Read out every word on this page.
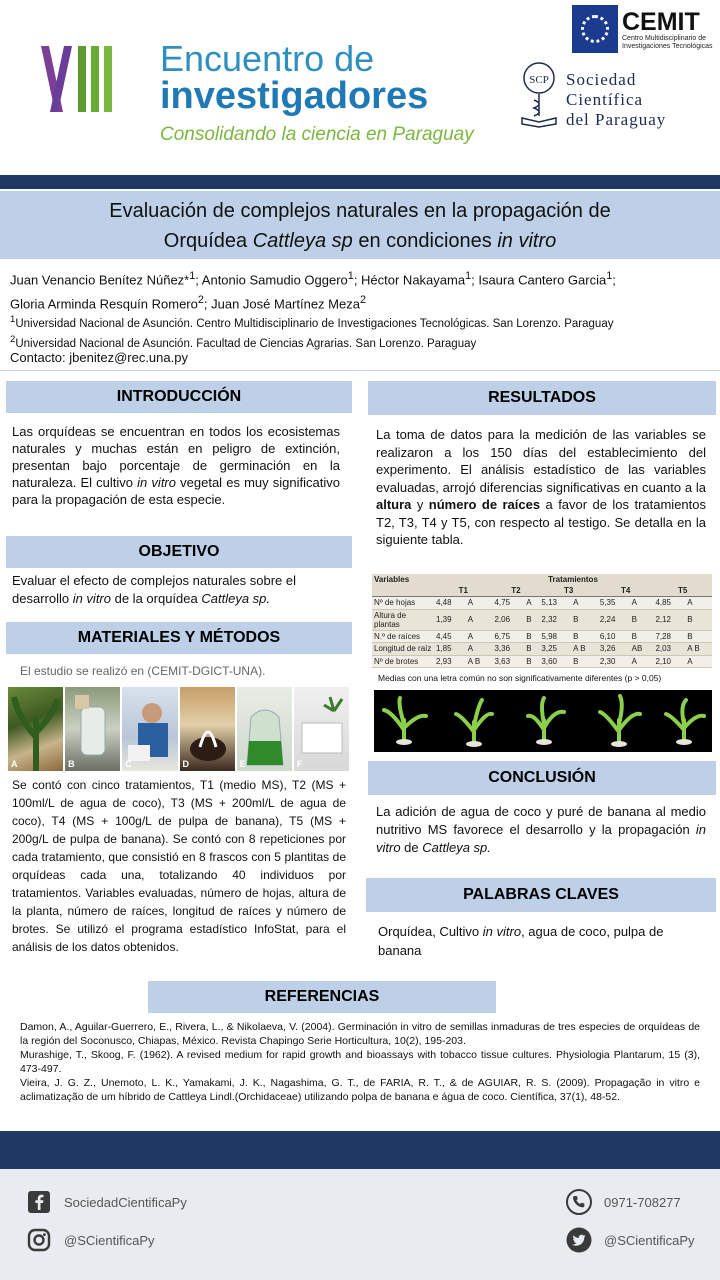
Encuentro de
investigadores
Consolidando la ciencia en Paraguay
CEMIT
Centro Multidisciplinario de Investigaciones Tecnológicas
SCP Sociedad
Científica
del Paraguay
Evaluación de complejos naturales en la propagación de
Orquídea Cattleya sp en condiciones in vitro
Juan Venancio Benítez Núñez*$^1$; Antonio Samudio Oggero$^1$; Héctor Nakayama$^1$; Isaura Cantero Garcia$^1$;
Gloria Arminda Resquín Romero$^2$; Juan José Martínez Meza$^2$
$^1$Universidad Nacional de Asunción. Centro Multidisciplinario de Investigaciones Tecnológicas. San Lorenzo. Paraguay
$^2$Universidad Nacional de Asunción. Facultad de Ciencias Agrarias. San Lorenzo. Paraguay
Contacto: jbenitez@rec.una.py
INTRODUCCIÓN
Las orquídeas se encuentran en todos los ecosistemas naturales y muchas están en peligro de extinción, presentan bajo porcentaje de germinación en la naturaleza. El cultivo in vitro vegetal es muy significativo para la propagación de esta especie.
OBJETIVO
Evaluar el efecto de complejos naturales sobre el desarrollo in vitro de la orquídea Cattleya sp.
MATERIALES Y MÉTODOS
El estudio se realizó en (CEMIT-DGICT-UNA).
A	B	C	D	E	F
Se contó con cinco tratamientos, T1 (medio MS), T2 (MS + 100ml/L de agua de coco), T3 (MS + 200ml/L de agua de coco), T4 (MS + 100g/L de pulpa de banana), T5 (MS + 200g/L de pulpa de banana). Se contó con 8 repeticiones por cada tratamiento, que consistió en 8 frascos con 5 plantitas de orquídeas cada una, totalizando 40 individuos por tratamientos. Variables evaluadas, número de hojas, altura de la planta, número de raíces, longitud de raíces y número de brotes. Se utilizó el programa estadístico InfoStat, para el análisis de los datos obtenidos.
RESULTADOS
La toma de datos para la medición de las variables se realizaron a los 150 días del establecimiento del experimento. El análisis estadístico de las variables evaluadas, arrojó diferencias significativas en cuanto a la altura y número de raíces a favor de los tratamientos T2, T3, T4 y T5, con respecto al testigo. Se detalla en la siguiente tabla.
Variables	Tratamientos									
	T1		T2		T3		T4		T5	
Nº de hojas	4,48	A	4,75	A	5,13	A	5,35	A	4,85	A
Altura de plantas	1,39	A	2,06	B	2,32	B	2,24	B	2,12	B
N.º de raíces	4,45	A	6,75	B	5,98	B	6,10	B	7,28	B
Longitud de raíz	1,85	A	3,36	B	3,25	A B	3,26	AB	2,03	A B
Nº de brotes	2,93	A B	3,63	B	3,60	B	2,30	A	2,10	A
Medias con una letra común no son significativamente diferentes (p > 0,05)
CONCLUSIÓN
La adición de agua de coco y puré de banana al medio nutritivo MS favorece el desarrollo y la propagación in vitro de Cattleya sp.
PALABRAS CLAVES
Orquídea, Cultivo in vitro, agua de coco, pulpa de banana
REFERENCIAS
Damon, A., Aguilar-Guerrero, E., Rivera, L., & Nikolaeva, V. (2004). Germinación in vitro de semillas inmaduras de tres especies de orquídeas de la región del Soconusco, Chiapas, México. Revista Chapingo Serie Horticultura, 10(2), 195-203.
Murashige, T., Skoog, F. (1962). A revised medium for rapid growth and bioassays with tobacco tissue cultures. Physiologia Plantarum, 15 (3), 473-497.
Vieira, J. G. Z., Unemoto, L. K., Yamakami, J. K., Nagashima, G. T., de FARIA, R. T., & de AGUIAR, R. S. (2009). Propagação in vitro e aclimatização de um híbrido de Cattleya Lindl.(Orchidaceae) utilizando polpa de banana e água de coco. Científica, 37(1), 48-52.
SociedadCientificaPy
@SCientificaPy
0971-708277
@SCientificaPy
